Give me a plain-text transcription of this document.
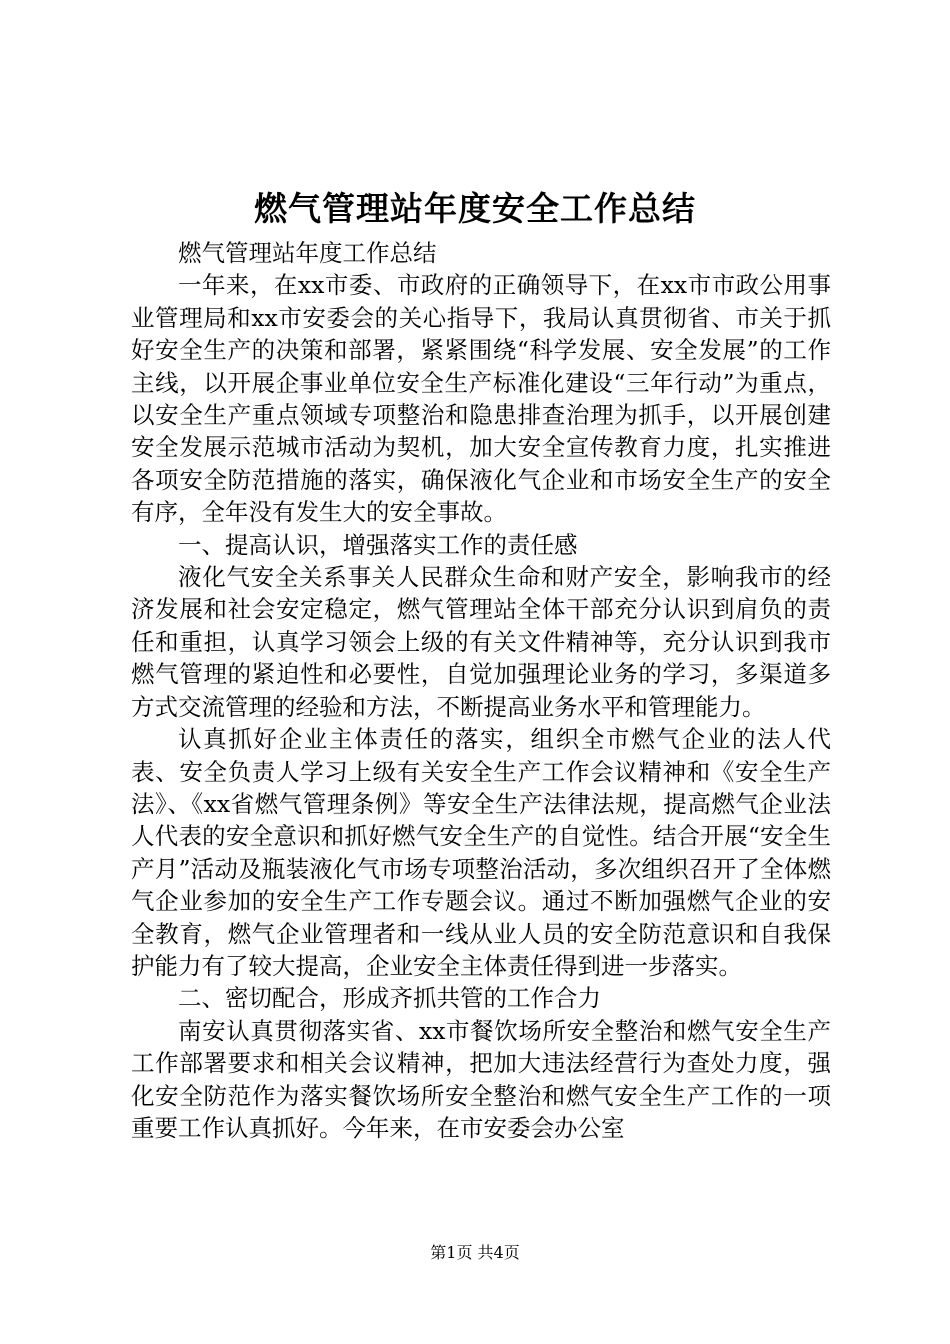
燃气管理站年度安全工作总结

燃气管理站年度工作总结

一年来，在xx市委、市政府的正确领导下，在xx市市政公用事业管理局和xx市安委会的关心指导下，我局认真贯彻省、市关于抓好安全生产的决策和部署，紧紧围绕“科学发展、安全发展”的工作主线，以开展企事业单位安全生产标准化建设“三年行动”为重点，以安全生产重点领域专项整治和隐患排查治理为抓手，以开展创建安全发展示范城市活动为契机，加大安全宣传教育力度，扎实推进各项安全防范措施的落实，确保液化气企业和市场安全生产的安全有序，全年没有发生大的安全事故。

一、提高认识，增强落实工作的责任感

液化气安全关系事关人民群众生命和财产安全，影响我市的经济发展和社会安定稳定，燃气管理站全体干部充分认识到肩负的责任和重担，认真学习领会上级的有关文件精神等，充分认识到我市燃气管理的紧迫性和必要性，自觉加强理论业务的学习，多渠道多方式交流管理的经验和方法，不断提高业务水平和管理能力。

认真抓好企业主体责任的落实，组织全市燃气企业的法人代表、安全负责人学习上级有关安全生产工作会议精神和《安全生产法》、《xx省燃气管理条例》等安全生产法律法规，提高燃气企业法人代表的安全意识和抓好燃气安全生产的自觉性。结合开展“安全生产月”活动及瓶装液化气市场专项整治活动，多次组织召开了全体燃气企业参加的安全生产工作专题会议。通过不断加强燃气企业的安全教育，燃气企业管理者和一线从业人员的安全防范意识和自我保护能力有了较大提高，企业安全主体责任得到进一步落实。

二、密切配合，形成齐抓共管的工作合力

南安认真贯彻落实省、xx市餐饮场所安全整治和燃气安全生产工作部署要求和相关会议精神，把加大违法经营行为查处力度，强化安全防范作为落实餐饮场所安全整治和燃气安全生产工作的一项重要工作认真抓好。今年来，在市安委会办公室

第1页 共4页
